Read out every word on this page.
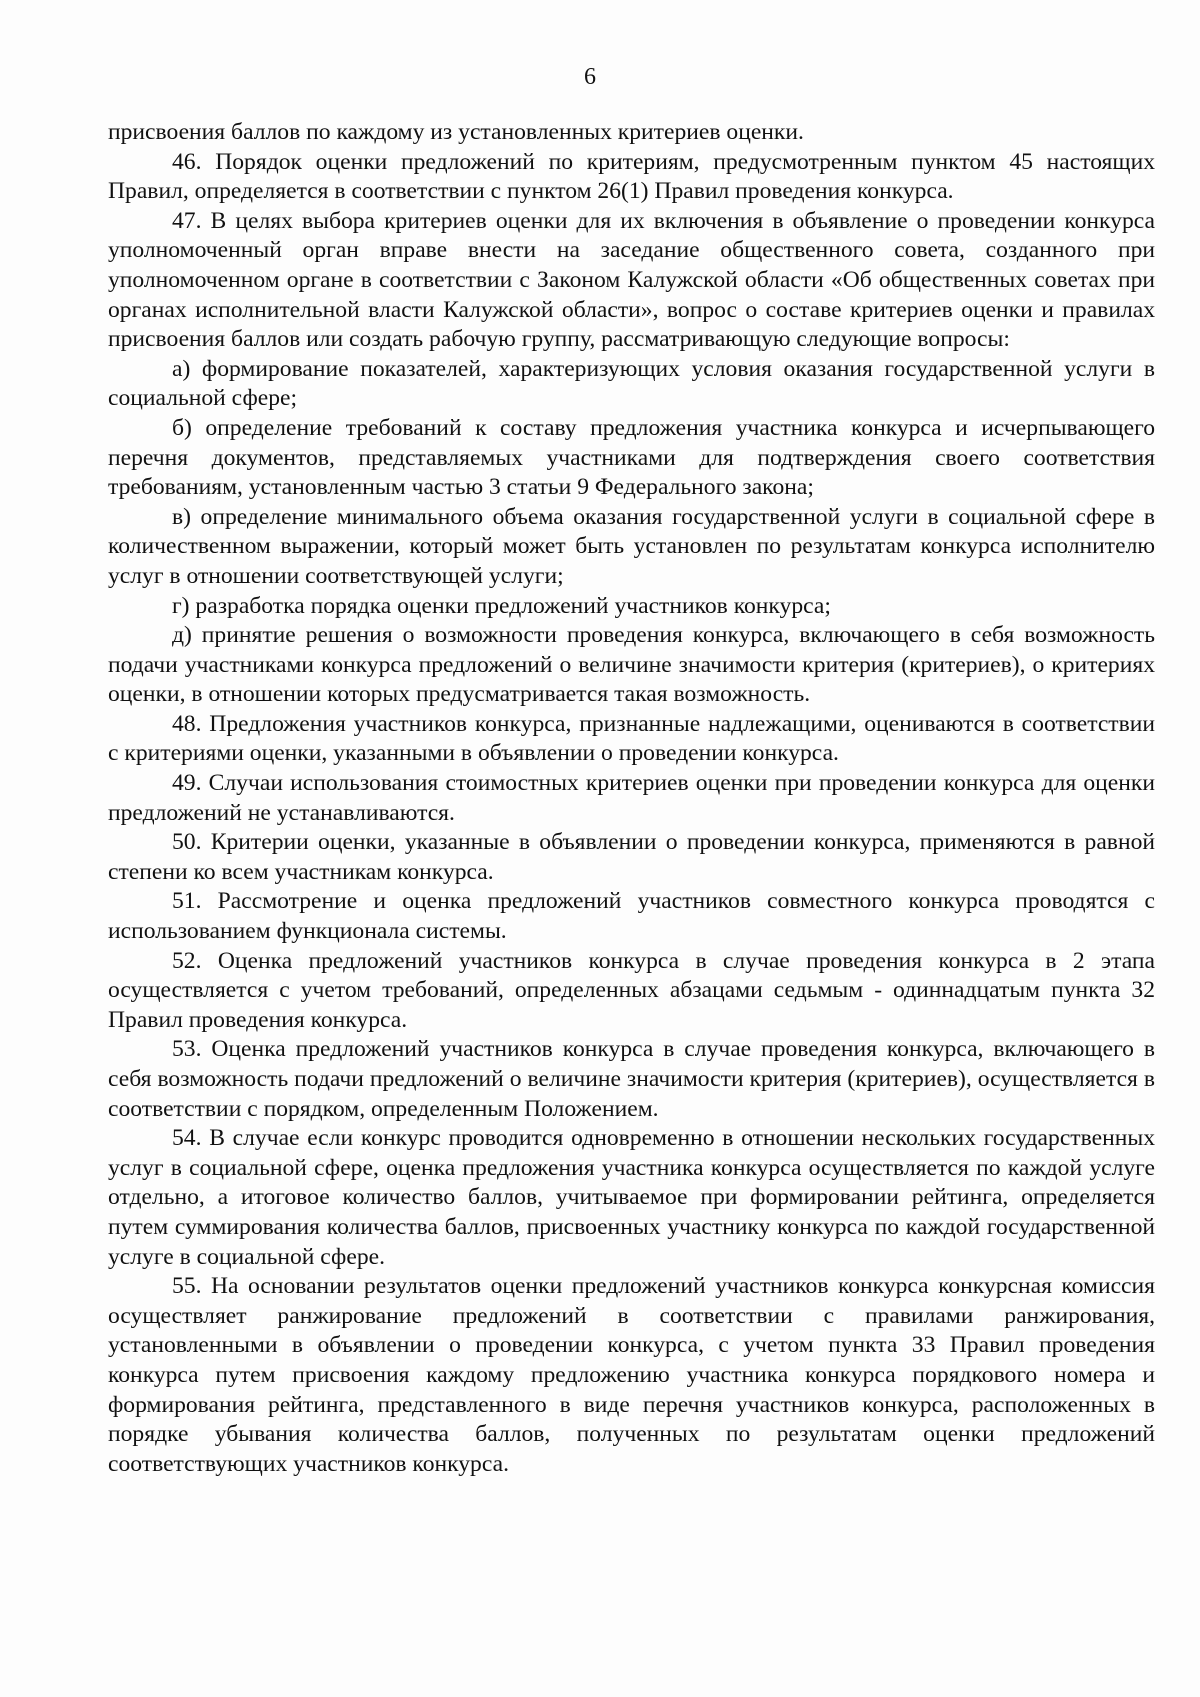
6

присвоения баллов по каждому из установленных критериев оценки.

46. Порядок оценки предложений по критериям, предусмотренным пунктом 45 настоящих Правил, определяется в соответствии с пунктом 26(1) Правил проведения конкурса.

47. В целях выбора критериев оценки для их включения в объявление о проведении конкурса уполномоченный орган вправе внести на заседание общественного совета, созданного при уполномоченном органе в соответствии с Законом Калужской области «Об общественных советах при органах исполнительной власти Калужской области», вопрос о составе критериев оценки и правилах присвоения баллов или создать рабочую группу, рассматривающую следующие вопросы:

а) формирование показателей, характеризующих условия оказания государственной услуги в социальной сфере;

б) определение требований к составу предложения участника конкурса и исчерпывающего перечня документов, представляемых участниками для подтверждения своего соответствия требованиям, установленным частью 3 статьи 9 Федерального закона;

в) определение минимального объема оказания государственной услуги в социальной сфере в количественном выражении, который может быть установлен по результатам конкурса исполнителю услуг в отношении соответствующей услуги;

г) разработка порядка оценки предложений участников конкурса;

д) принятие решения о возможности проведения конкурса, включающего в себя возможность подачи участниками конкурса предложений о величине значимости критерия (критериев), о критериях оценки, в отношении которых предусматривается такая возможность.

48. Предложения участников конкурса, признанные надлежащими, оцениваются в соответствии с критериями оценки, указанными в объявлении о проведении конкурса.

49. Случаи использования стоимостных критериев оценки при проведении конкурса для оценки предложений не устанавливаются.

50. Критерии оценки, указанные в объявлении о проведении конкурса, применяются в равной степени ко всем участникам конкурса.

51. Рассмотрение и оценка предложений участников совместного конкурса проводятся с использованием функционала системы.

52. Оценка предложений участников конкурса в случае проведения конкурса в 2 этапа осуществляется с учетом требований, определенных абзацами седьмым - одиннадцатым пункта 32 Правил проведения конкурса.

53. Оценка предложений участников конкурса в случае проведения конкурса, включающего в себя возможность подачи предложений о величине значимости критерия (критериев), осуществляется в соответствии с порядком, определенным Положением.

54. В случае если конкурс проводится одновременно в отношении нескольких государственных услуг в социальной сфере, оценка предложения участника конкурса осуществляется по каждой услуге отдельно, а итоговое количество баллов, учитываемое при формировании рейтинга, определяется путем суммирования количества баллов, присвоенных участнику конкурса по каждой государственной услуге в социальной сфере.

55. На основании результатов оценки предложений участников конкурса конкурсная комиссия осуществляет ранжирование предложений в соответствии с правилами ранжирования, установленными в объявлении о проведении конкурса, с учетом пункта 33 Правил проведения конкурса путем присвоения каждому предложению участника конкурса порядкового номера и формирования рейтинга, представленного в виде перечня участников конкурса, расположенных в порядке убывания количества баллов, полученных по результатам оценки предложений соответствующих участников конкурса.
